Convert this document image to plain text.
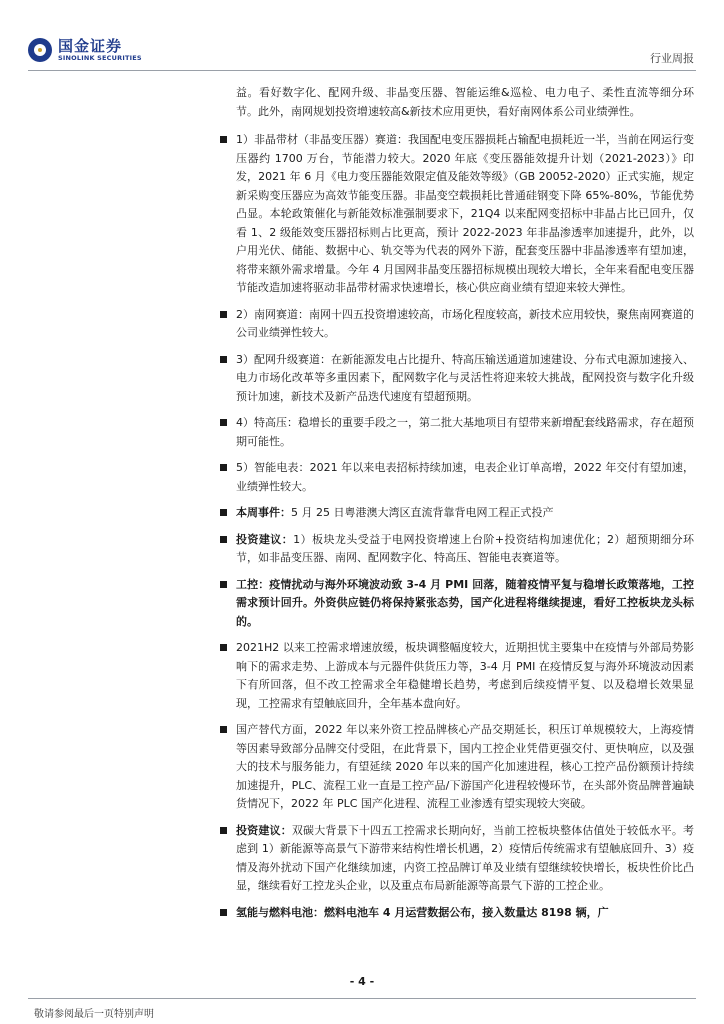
国金证券
SINOLINK SECURITIES	行业周报
益。看好数字化、配网升级、非晶变压器、智能运维&巡检、电力电子、柔性直流等细分环节。此外，南网规划投资增速较高&新技术应用更快，看好南网体系公司业绩弹性。
1）非晶带材（非晶变压器）赛道：我国配电变压器损耗占输配电损耗近一半，当前在网运行变压器约 1700 万台，节能潜力较大。2020 年底《变压器能效提升计划（2021-2023）》印发，2021 年 6 月《电力变压器能效限定值及能效等级》（GB 20052-2020）正式实施，规定新采购变压器应为高效节能变压器。非晶变空载损耗比普通硅钢变下降 65%-80%，节能优势凸显。本轮政策催化与新能效标准强制要求下，21Q4 以来配网变招标中非晶占比已回升，仅看 1、2 级能效变压器招标则占比更高，预计 2022-2023 年非晶渗透率加速提升，此外，以户用光伏、储能、数据中心、轨交等为代表的网外下游，配套变压器中非晶渗透率有望加速，将带来额外需求增量。今年 4 月国网非晶变压器招标规模出现较大增长，全年来看配电变压器节能改造加速将驱动非晶带材需求快速增长，核心供应商业绩有望迎来较大弹性。
2）南网赛道：南网十四五投资增速较高，市场化程度较高，新技术应用较快，聚焦南网赛道的公司业绩弹性较大。
3）配网升级赛道：在新能源发电占比提升、特高压输送通道加速建设、分布式电源加速接入、电力市场化改革等多重因素下，配网数字化与灵活性将迎来较大挑战，配网投资与数字化升级预计加速，新技术及新产品迭代速度有望超预期。
4）特高压：稳增长的重要手段之一，第二批大基地项目有望带来新增配套线路需求，存在超预期可能性。
5）智能电表：2021 年以来电表招标持续加速，电表企业订单高增，2022 年交付有望加速，业绩弹性较大。
本周事件：5 月 25 日粤港澳大湾区直流背靠背电网工程正式投产
投资建议：1）板块龙头受益于电网投资增速上台阶+投资结构加速优化；2）超预期细分环节，如非晶变压器、南网、配网数字化、特高压、智能电表赛道等。
工控：疫情扰动与海外环境波动致 3-4 月 PMI 回落，随着疫情平复与稳增长政策落地，工控需求预计回升。外资供应链仍将保持紧张态势，国产化进程将继续提速，看好工控板块龙头标的。
2021H2 以来工控需求增速放缓，板块调整幅度较大，近期担忧主要集中在疫情与外部局势影响下的需求走势、上游成本与元器件供货压力等，3-4 月 PMI 在疫情反复与海外环境波动因素下有所回落，但不改工控需求全年稳健增长趋势，考虑到后续疫情平复、以及稳增长效果显现，工控需求有望触底回升，全年基本盘向好。
国产替代方面，2022 年以来外资工控品牌核心产品交期延长，积压订单规模较大，上海疫情等因素导致部分品牌交付受阻，在此背景下，国内工控企业凭借更强交付、更快响应，以及强大的技术与服务能力，有望延续 2020 年以来的国产化加速进程，核心工控产品份额预计持续加速提升，PLC、流程工业一直是工控产品/下游国产化进程较慢环节，在头部外资品牌普遍缺货情况下，2022 年 PLC 国产化进程、流程工业渗透有望实现较大突破。
投资建议：双碳大背景下十四五工控需求长期向好，当前工控板块整体估值处于较低水平。考虑到 1）新能源等高景气下游带来结构性增长机遇，2）疫情后传统需求有望触底回升、3）疫情及海外扰动下国产化继续加速，内资工控品牌订单及业绩有望继续较快增长，板块性价比凸显，继续看好工控龙头企业，以及重点布局新能源等高景气下游的工控企业。
氢能与燃料电池：燃料电池车 4 月运营数据公布，接入数量达 8198 辆，广
- 4 -
敬请参阅最后一页特别声明
